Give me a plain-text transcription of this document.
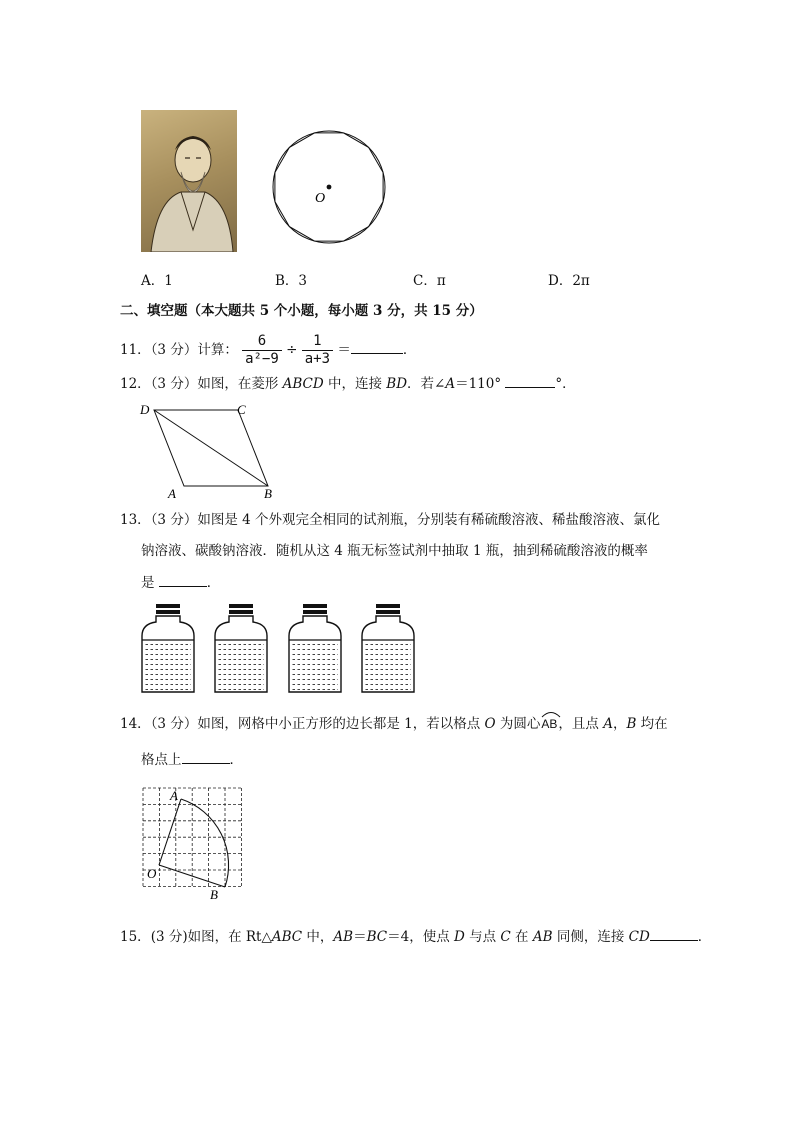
O
A．1	B．3	C．π	D．2π
二、填空题（本大题共 5 个小题，每小题 3 分，共 15 分）
11．（3 分）计算： $\frac{6}{\text{a²−9}} \div \frac{1}{a+3}$ ＝	．
12．（3 分）如图，在菱形 ABCD 中，连接 BD．若∠A＝110°	°．
D	C
A	B
13．（3 分）如图是 4 个外观完全相同的试剂瓶，分别装有稀硫酸溶液、稀盐酸溶液、氯化
钠溶液、碳酸钠溶液．随机从这 4 瓶无标签试剂中抽取 1 瓶，抽到稀硫酸溶液的概率
是	．
14．（3 分）如图，网格中小正方形的边长都是 1，若以格点 O 为圆心
AB，且点 A，B 均在
格点上	．
A
O
B
15．(3 分)如图，在 Rt△ABC 中，AB＝BC＝4，使点 D 与点 C 在 AB 同侧，连接 CD	．
